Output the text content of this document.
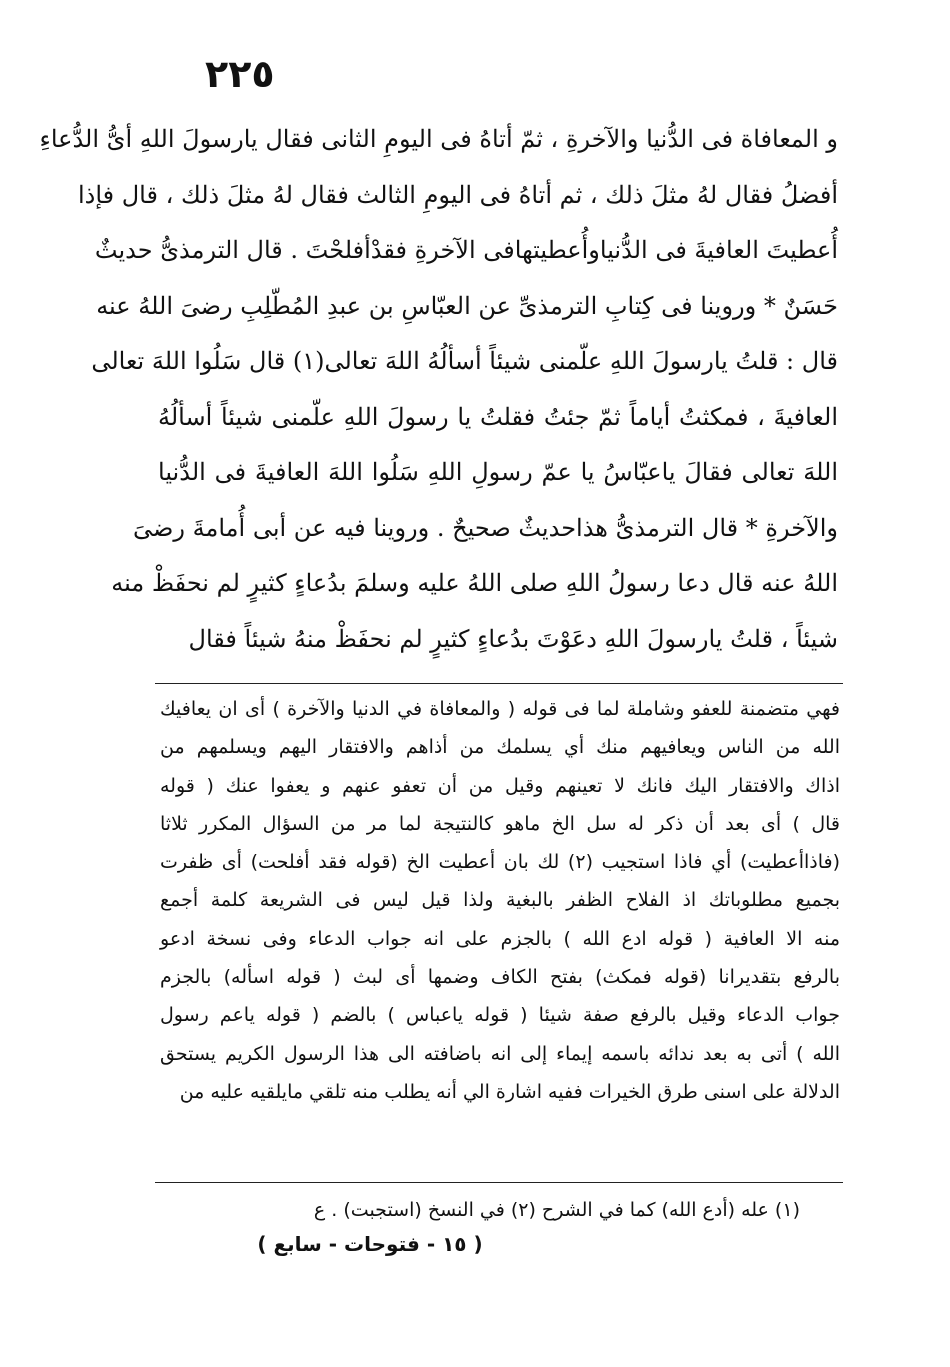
٢٢٥
و المعافاة فى الدُّنيا والآخرةِ ، ثمّ أتاهُ فى اليومِ الثانى فقال يارسولَ اللهِ أىُّ الدُّعاءِ
أفضلُ فقال لهُ مثلَ ذلك ، ثم أتاهُ فى اليومِ الثالث فقال لهُ مثلَ ذلك ، قال فإذا
أُعطيتَ العافيةَ فى الدُّنياوأُعطيتهافى الآخرةِ فقدْأفلحْتَ . قال الترمذىُّ حديثٌ
حَسَنٌ * وروينا فى كِتابِ الترمذىِّ عن العبّاسِ بن عبدِ المُطّلِبِ رضىَ اللهُ عنه
قال : قلتُ يارسولَ اللهِ علّمنى شيئاً أسألُهُ اللهَ تعالى(١) قال سَلُوا اللهَ تعالى
العافيةَ ، فمكثتُ أياماً ثمّ جئتُ فقلتُ يا رسولَ اللهِ علّمنى شيئاً أسألُهُ
اللهَ تعالى فقالَ ياعبّاسُ يا عمّ رسولِ اللهِ سَلُوا اللهَ العافيةَ فى الدُّنيا
والآخرةِ * قال الترمذىُّ هذاحديثٌ صحيحٌ . وروينا فيه عن أبى أُمامةَ رضىَ
اللهُ عنه قال دعا رسولُ اللهِ صلى اللهُ عليه وسلمَ بدُعاءٍ كثيرٍ لم نحفَظْ منه
شيئاً ، قلتُ يارسولَ اللهِ دعَوْتَ بدُعاءٍ كثيرٍ لم نحفَظْ منهُ شيئاً فقال
فهي متضمنة للعفو وشاملة لما فى قوله ( والمعافاة في الدنيا والآخرة ) أى ان يعافيك
الله من الناس ويعافيهم منك أي يسلمك من أذاهم والافتقار اليهم ويسلمهم من
اذاك والافتقار اليك فانك لا تعينهم وقيل من أن تعفو عنهم و يعفوا عنك ( قوله
قال ) أى بعد أن ذكر له سل الخ ماهو كالنتيجة لما مر من السؤال المكرر ثلاثا
(فاذاأعطيت) أي فاذا استجيب (٢) لك بان أعطيت الخ (قوله فقد أفلحت) أى ظفرت
بجميع مطلوباتك اذ الفلاح الظفر بالبغية ولذا قيل ليس فى الشريعة كلمة أجمع
منه الا العافية ( قوله ادع الله ) بالجزم على انه جواب الدعاء وفى نسخة ادعو
بالرفع بتقديرانا (قوله فمكث) بفتح الكاف وضمها أى لبث ( قوله اسأله) بالجزم
جواب الدعاء وقيل بالرفع صفة شيئا ( قوله ياعباس ) بالضم ( قوله ياعم رسول
الله ) أتى به بعد ندائه باسمه إيماء إلى انه باضافته الى هذا الرسول الكريم يستحق
الدلالة على اسنى طرق الخيرات ففيه اشارة الي أنه يطلب منه تلقي مايلقيه عليه من
(١) عله (أدع الله) كما في الشرح (٢) في النسخ (استجبت) . ع
( ١٥ - فتوحات - سابع )
